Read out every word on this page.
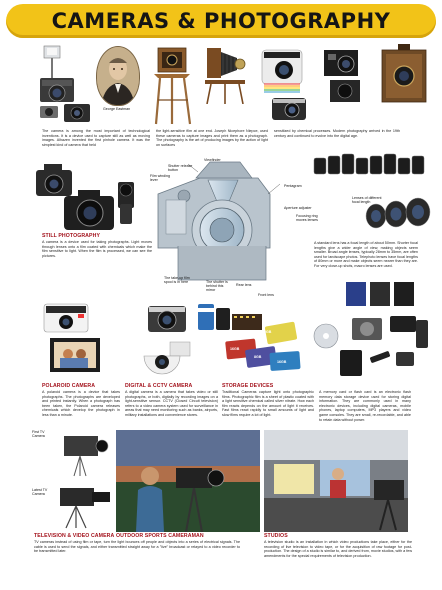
CAMERAS & PHOTOGRAPHY

George Eastman

The camera is among the most important of technological inventions. It is a device used to capture still as well as moving images. Alhazen invented the first pinhole camera. It was the simplest kind of camera that held

the light-sensitive film at one end. Joseph Nicephore Niepce, used these cameras to capture images and print them as a photograph. The photography is the art of producing images by the action of light on surfaces

sensitized by chemical processes. Modern photography arrived in the 19th century and continued to evolve into the digital age.

Shutter release button

Film winding lever

Viewfinder

Pentagram

Aperture adjuster

Focusing ring moves lenses

The take-up film spool is in here	The shutter is behind this mirror

Rear lens

Front lens

Lenses of different focal length

STILL PHOTOGRAPHY

A camera is a device used for taking photographs. Light moves through lenses onto a film coated with chemicals which make the film sensitive to light. When the film is processed, we can see the pictures.

A standard lens has a focal length of about 50mm. Shorter focal lengths give a wider angle of view, making objects seem smaller. Broad angle lenses, typically 28mm to 35mm, are often used for landscape photos. Telephoto lenses have focal lengths of 80mm or more and make objects seem nearer than they are. For very close-up shots, macro lenses are used.

32GB

16GB

8GB

16GB

POLAROID CAMERA	DIGITAL & CCTV CAMERA	STORAGE DEVICES

A polaroid camera is a device that takes photographs. The photographs are developed and printed instantly. When a photograph has been taken, the Polaroid camera releases chemicals which develop the photograph in less than a minute.

A digital camera is a camera that takes video or still photographs, or both, digitally by recording images on a light-sensitive sensor. CCTV (Closed Circuit television) refers to a video camera system used for surveillance in areas that may need monitoring such as banks, airports, military installations and convenience stores.

Traditional Cameras capture light onto photographic films. Photographic film is a sheet of plastic coated with a light sensitive chemical called silver nitrate. How each film reacts depends on the amount of light it receives. Fast films react rapidly to small amounts of light and slow films require a lot of light.

A memory card or flash card is an electronic flash memory data storage device used for storing digital information. They are commonly used in many electronic devices, including digital cameras, mobile phones, laptop computers, MP3 players and video game consoles. They are small, re-recordable, and able to retain data without power.

First TV Camera

Latest TV Camera

TELEVISION & VIDEO CAMERA OUTDOOR SPORTS CAMERAMAN	STUDIOS

TV cameras instead of using film or tape, turn the light bounces off people and objects into a series of electrical signals. The cable is used to send the signals, and either transmitted straight away for a "live" broadcast or relayed to a video recorder to be transmitted later.

A television studio is an installation in which video productions take place, either for the recording of live television to video tape, or for the acquisition of raw footage for post-production. The design of a studio is similar to, and derived from, movie studios, with a few amendments for the special requirements of television production.
